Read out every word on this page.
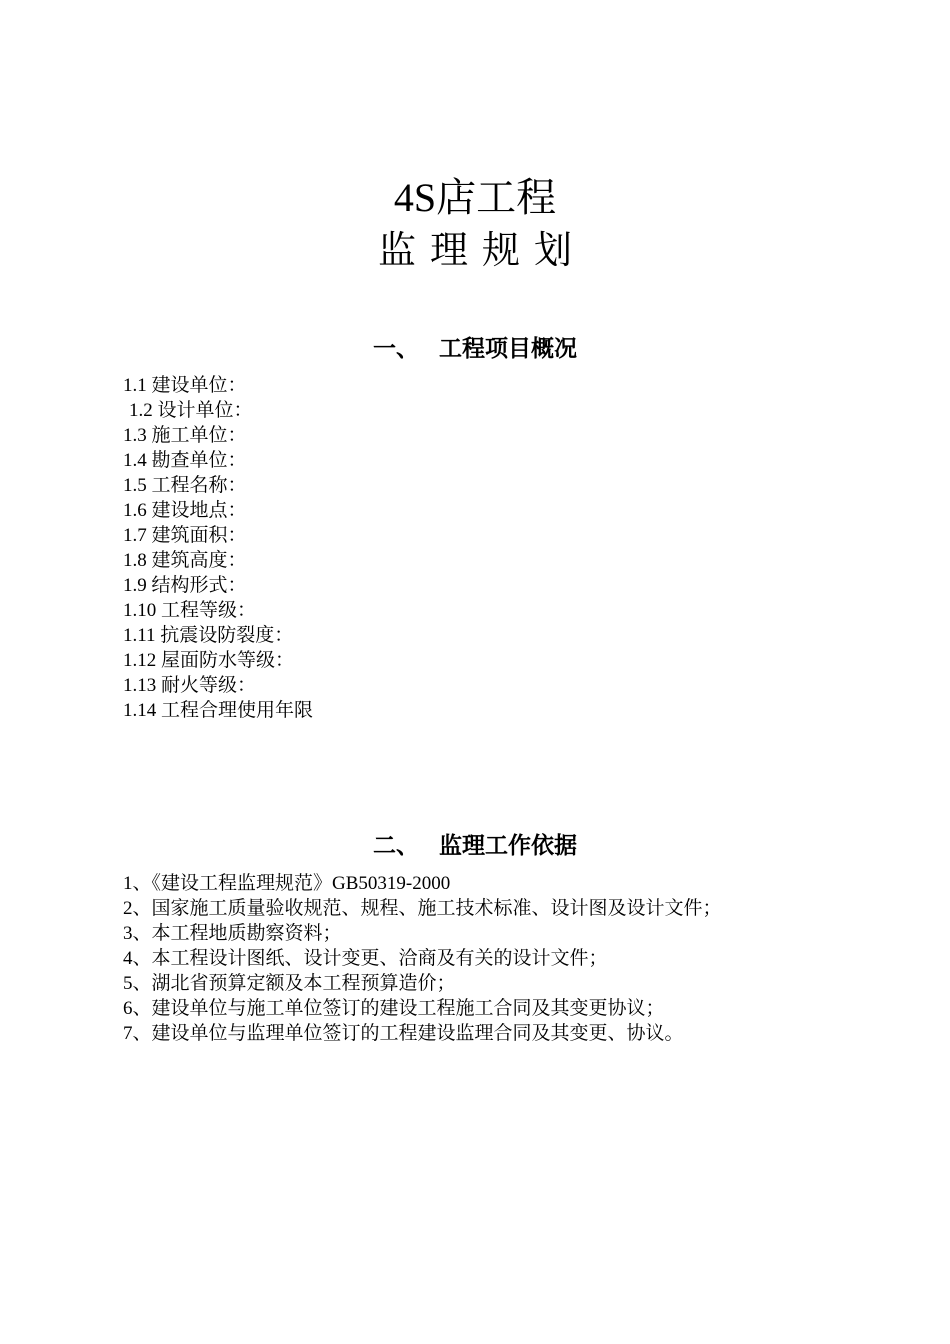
4S店工程
监理规划
一、 工程项目概况
1.1 建设单位：
1.2 设计单位：
1.3 施工单位：
1.4 勘查单位：
1.5 工程名称：
1.6 建设地点：
1.7 建筑面积：
1.8 建筑高度：
1.9 结构形式：
1.10 工程等级：
1.11 抗震设防裂度：
1.12 屋面防水等级：
1.13 耐火等级：
1.14 工程合理使用年限
二、 监理工作依据
1、《建设工程监理规范》GB50319-2000
2、国家施工质量验收规范、规程、施工技术标准、设计图及设计文件；
3、本工程地质勘察资料；
4、本工程设计图纸、设计变更、洽商及有关的设计文件；
5、湖北省预算定额及本工程预算造价；
6、建设单位与施工单位签订的建设工程施工合同及其变更协议；
7、建设单位与监理单位签订的工程建设监理合同及其变更、协议。
